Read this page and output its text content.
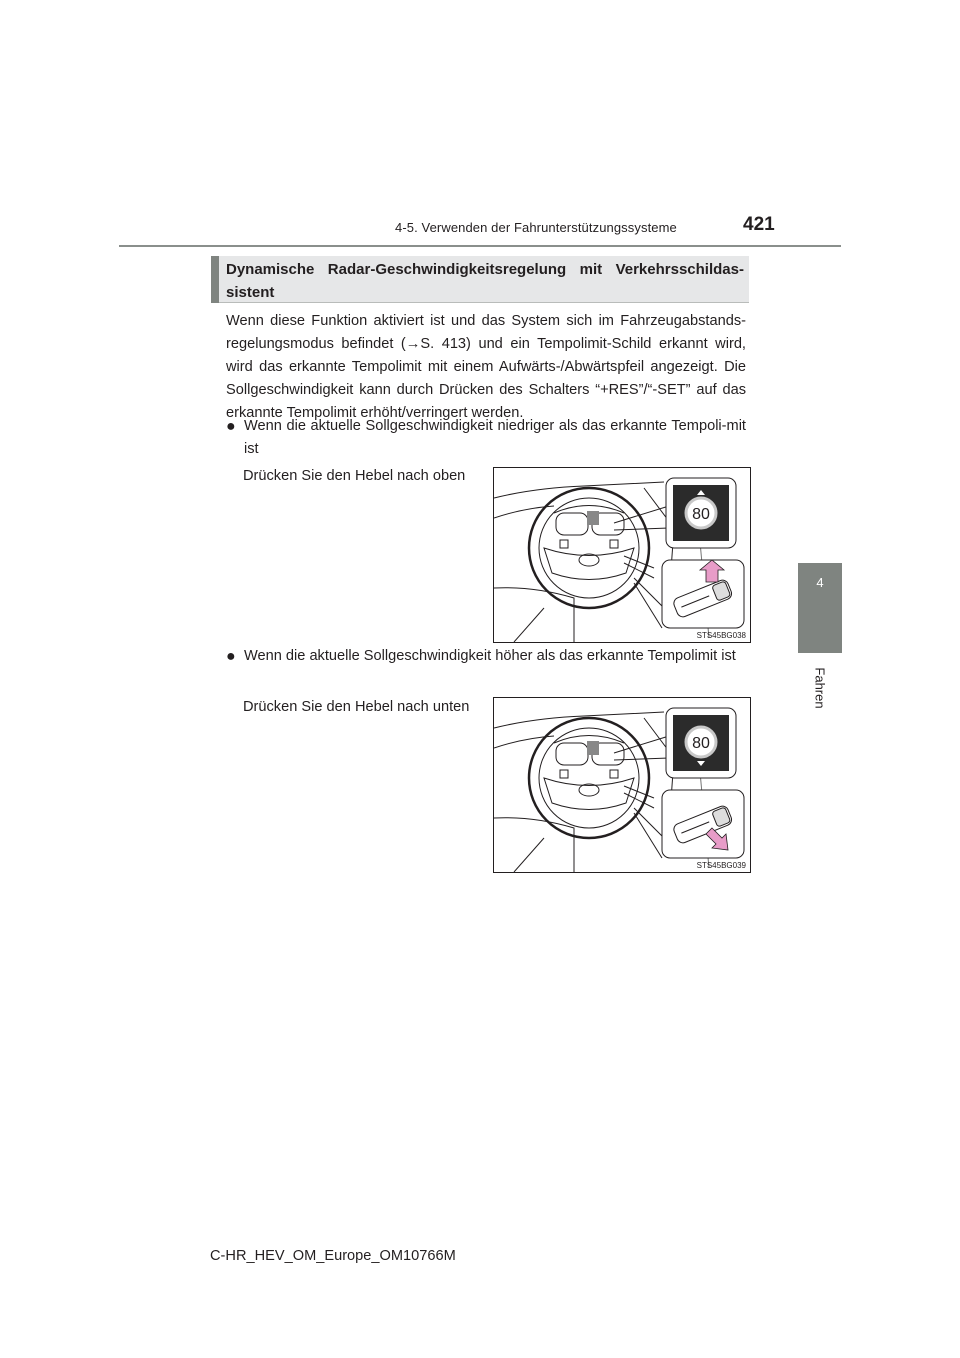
4-5. Verwenden der Fahrunterstützungssysteme	421
4
Fahren
Dynamische Radar-Geschwindigkeitsregelung mit Verkehrsschildas-sistent
Wenn diese Funktion aktiviert ist und das System sich im Fahrzeugabstands-regelungsmodus befindet (→S. 413) und ein Tempolimit-Schild erkannt wird, wird das erkannte Tempolimit mit einem Aufwärts-/Abwärtspfeil angezeigt. Die Sollgeschwindigkeit kann durch Drücken des Schalters “+RES”/“-SET” auf das erkannte Tempolimit erhöht/verringert werden.
● Wenn die aktuelle Sollgeschwindigkeit niedriger als das erkannte Tempoli-mit ist
Drücken Sie den Hebel nach oben
80
STS45BG038
● Wenn die aktuelle Sollgeschwindigkeit höher als das erkannte Tempolimit ist
Drücken Sie den Hebel nach unten
80
STS45BG039
C-HR_HEV_OM_Europe_OM10766M
